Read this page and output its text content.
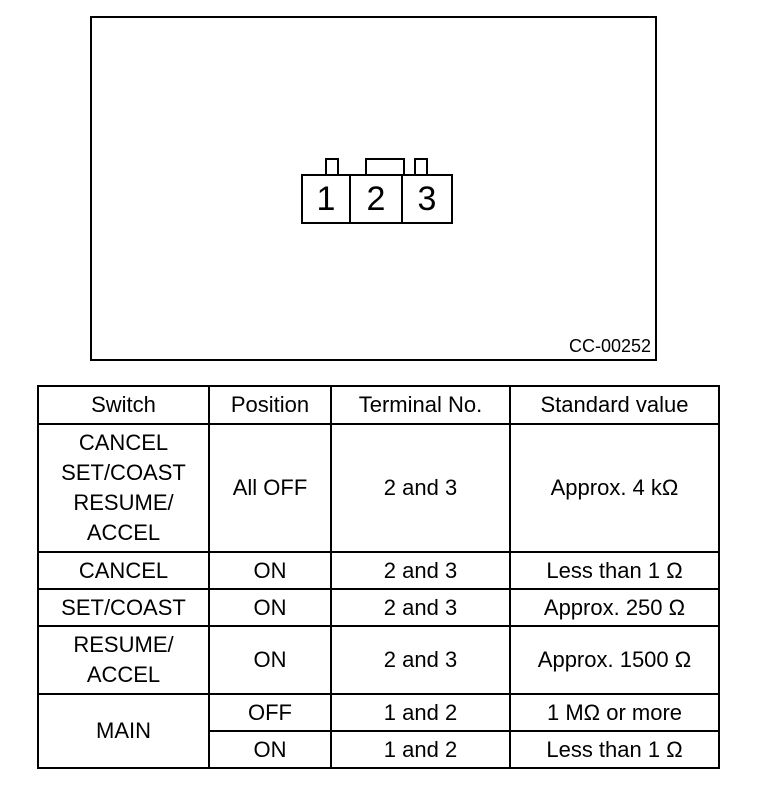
1 2 3
CC-00252
Switch	Position	Terminal No.	Standard value
CANCEL
SET/COAST
RESUME/
ACCEL	All OFF	2 and 3	Approx. 4 kΩ
CANCEL	ON	2 and 3	Less than 1 Ω
SET/COAST	ON	2 and 3	Approx. 250 Ω
RESUME/
ACCEL	ON	2 and 3	Approx. 1500 Ω
MAIN	OFF	1 and 2	1 MΩ or more
	ON	1 and 2	Less than 1 Ω
